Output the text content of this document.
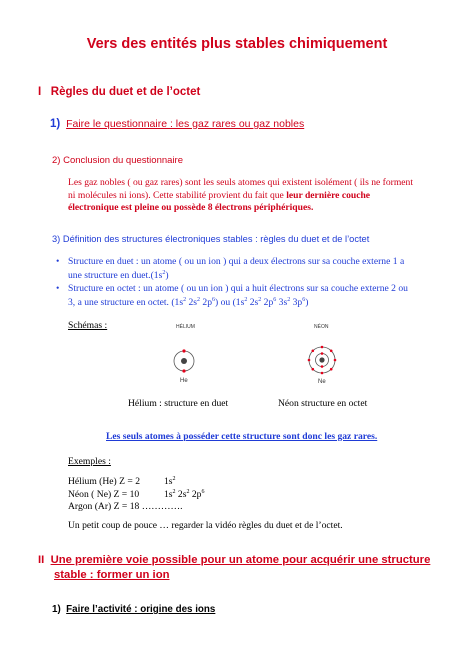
Vers des entités plus stables chimiquement
I Règles du duet et de l’octet
1) Faire le questionnaire : les gaz rares ou gaz nobles
2) Conclusion du questionnaire
Les gaz nobles ( ou gaz rares) sont les seuls atomes qui existent isolément ( ils ne forment
ni molécules ni ions). Cette stabilité provient du fait que leur dernière couche
électronique est pleine ou possède 8 électrons périphériques.
3) Définition des structures électroniques stables : règles du duet et de l’octet
• Structure en duet : un atome ( ou un ion ) qui a deux électrons sur sa couche externe 1 a
une structure en $duet.(1s^2)$
• Structure en octet : un atome ( ou un ion ) qui a huit électrons sur sa couche externe 2 ou
3, a une structure en octet. ($1s^2$ $2s^2$ $2p^6$) ou ($1s^2$ $2s^2$ $2p^6$ $3s^2$ $3p^6$)
Schémas :	HÉLIUM
He
NÉON
Ne
Hélium : structure en duet	Néon structure en octet
Les seuls atomes à posséder cette structure sont donc les gaz rares.
Exemples :
Hélium (He) Z = 2 $1s^2$
Néon ( Ne) Z = 10	$1s^2$ $2s^2$ $2p^6$
Argon (Ar) Z = 18 ………….
Un petit coup de pouce … regarder la vidéo règles du duet et de l’octet.
II Une première voie possible pour un atome pour acquérir une structure
stable : former un ion
1) Faire l’activité : origine des ions
